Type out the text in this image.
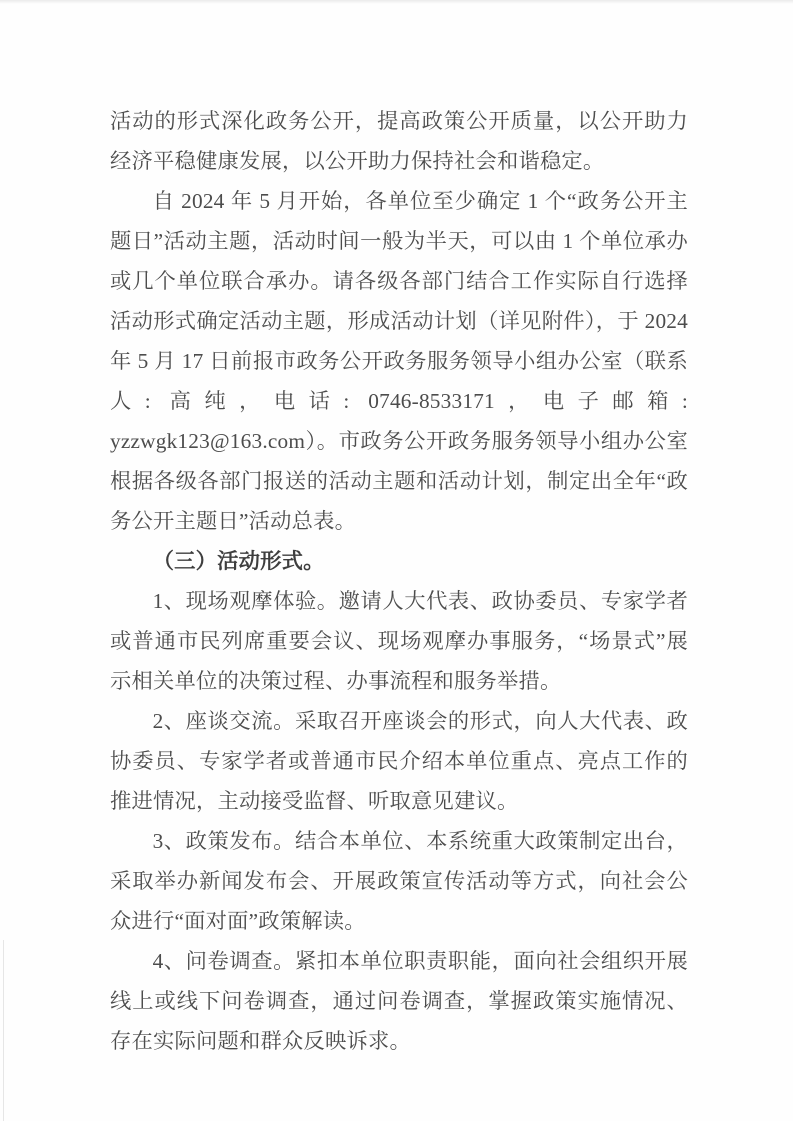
活动的形式深化政务公开，提高政策公开质量，以公开助力经济平稳健康发展，以公开助力保持社会和谐稳定。

自 2024 年 5 月开始，各单位至少确定 1 个“政务公开主题日”活动主题，活动时间一般为半天，可以由 1 个单位承办或几个单位联合承办。请各级各部门结合工作实际自行选择活动形式确定活动主题，形成活动计划（详见附件），于 2024 年 5 月 17 日前报市政务公开政务服务领导小组办公室（联系人: 高纯，电话: 0746-8533171，电子邮箱: yzzwgk123@163.com）。市政务公开政务服务领导小组办公室根据各级各部门报送的活动主题和活动计划，制定出全年“政务公开主题日”活动总表。

（三）活动形式。

1、现场观摩体验。邀请人大代表、政协委员、专家学者或普通市民列席重要会议、现场观摩办事服务，“场景式”展示相关单位的决策过程、办事流程和服务举措。

2、座谈交流。采取召开座谈会的形式，向人大代表、政协委员、专家学者或普通市民介绍本单位重点、亮点工作的推进情况，主动接受监督、听取意见建议。

3、政策发布。结合本单位、本系统重大政策制定出台，采取举办新闻发布会、开展政策宣传活动等方式，向社会公众进行“面对面”政策解读。

4、问卷调查。紧扣本单位职责职能，面向社会组织开展线上或线下问卷调查，通过问卷调查，掌握政策实施情况、存在实际问题和群众反映诉求。
